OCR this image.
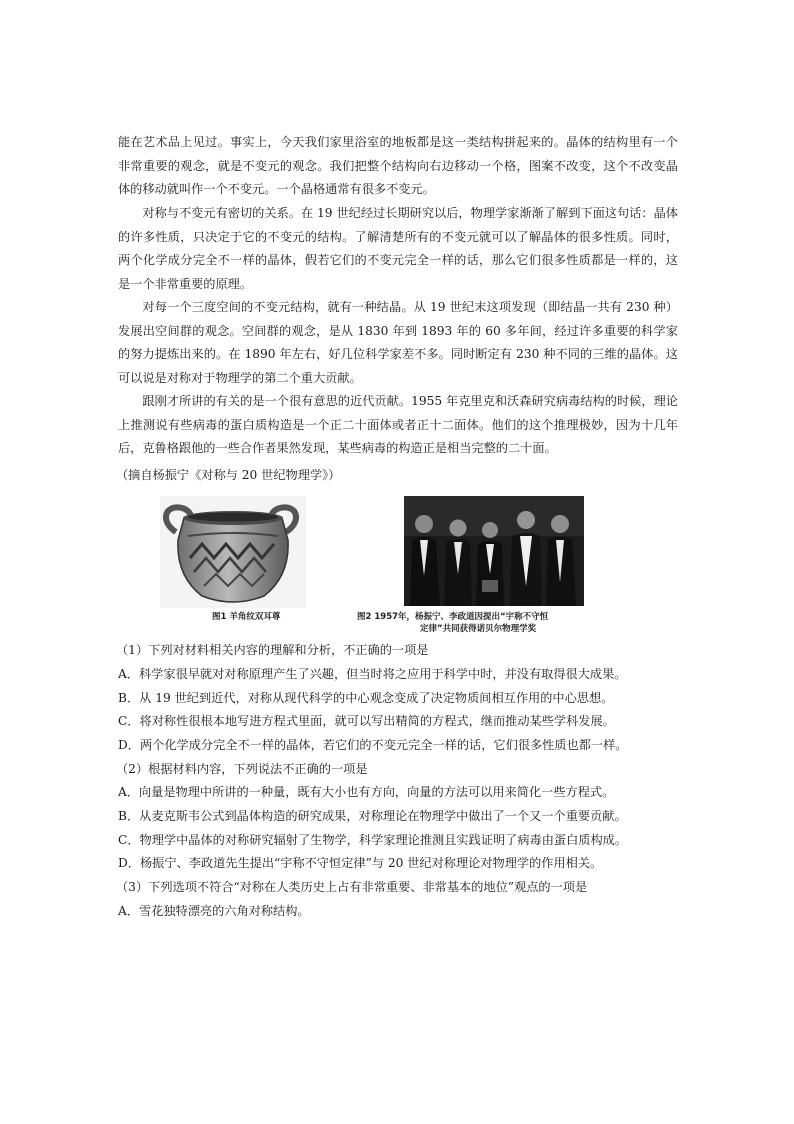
能在艺术品上见过。事实上，今天我们家里浴室的地板都是这一类结构拼起来的。晶体的结构里有一个非常重要的观念，就是不变元的观念。我们把整个结构向右边移动一个格，图案不改变，这个不改变晶体的移动就叫作一个不变元。一个晶格通常有很多不变元。

对称与不变元有密切的关系。在 19 世纪经过长期研究以后，物理学家渐渐了解到下面这句话：晶体的许多性质，只决定于它的不变元的结构。了解清楚所有的不变元就可以了解晶体的很多性质。同时，两个化学成分完全不一样的晶体，假若它们的不变元完全一样的话，那么它们很多性质都是一样的，这是一个非常重要的原理。

对每一个三度空间的不变元结构，就有一种结晶。从 19 世纪末这项发现（即结晶一共有 230 种）发展出空间群的观念。空间群的观念，是从 1830 年到 1893 年的 60 多年间，经过许多重要的科学家的努力提炼出来的。在 1890 年左右，好几位科学家差不多。同时断定有 230 种不同的三维的晶体。这可以说是对称对于物理学的第二个重大贡献。

跟刚才所讲的有关的是一个很有意思的近代贡献。1955 年克里克和沃森研究病毒结构的时候，理论上推测说有些病毒的蛋白质构造是一个正二十面体或者正十二面体。他们的这个推理极妙，因为十几年后，克鲁格跟他的一些合作者果然发现，某些病毒的构造正是相当完整的二十面。

（摘自杨振宁《对称与 20 世纪物理学》）

图1 羊角纹双耳尊	图2 1957年，杨振宁、李政道因提出“宇称不守恒
定律”共同获得诺贝尔物理学奖

（1）下列对材料相关内容的理解和分析，不正确的一项是

A．科学家很早就对对称原理产生了兴趣，但当时将之应用于科学中时，并没有取得很大成果。

B．从 19 世纪到近代，对称从现代科学的中心观念变成了决定物质间相互作用的中心思想。

C．将对称性很根本地写进方程式里面，就可以写出精简的方程式，继而推动某些学科发展。

D．两个化学成分完全不一样的晶体，若它们的不变元完全一样的话，它们很多性质也都一样。

（2）根据材料内容，下列说法不正确的一项是

A．向量是物理中所讲的一种量，既有大小也有方向，向量的方法可以用来简化一些方程式。

B．从麦克斯韦公式到晶体构造的研究成果，对称理论在物理学中做出了一个又一个重要贡献。

C．物理学中晶体的对称研究辐射了生物学，科学家理论推测且实践证明了病毒由蛋白质构成。

D．杨振宁、李政道先生提出“宇称不守恒定律”与 20 世纪对称理论对物理学的作用相关。

（3）下列选项不符合“对称在人类历史上占有非常重要、非常基本的地位”观点的一项是

A．雪花独特漂亮的六角对称结构。
